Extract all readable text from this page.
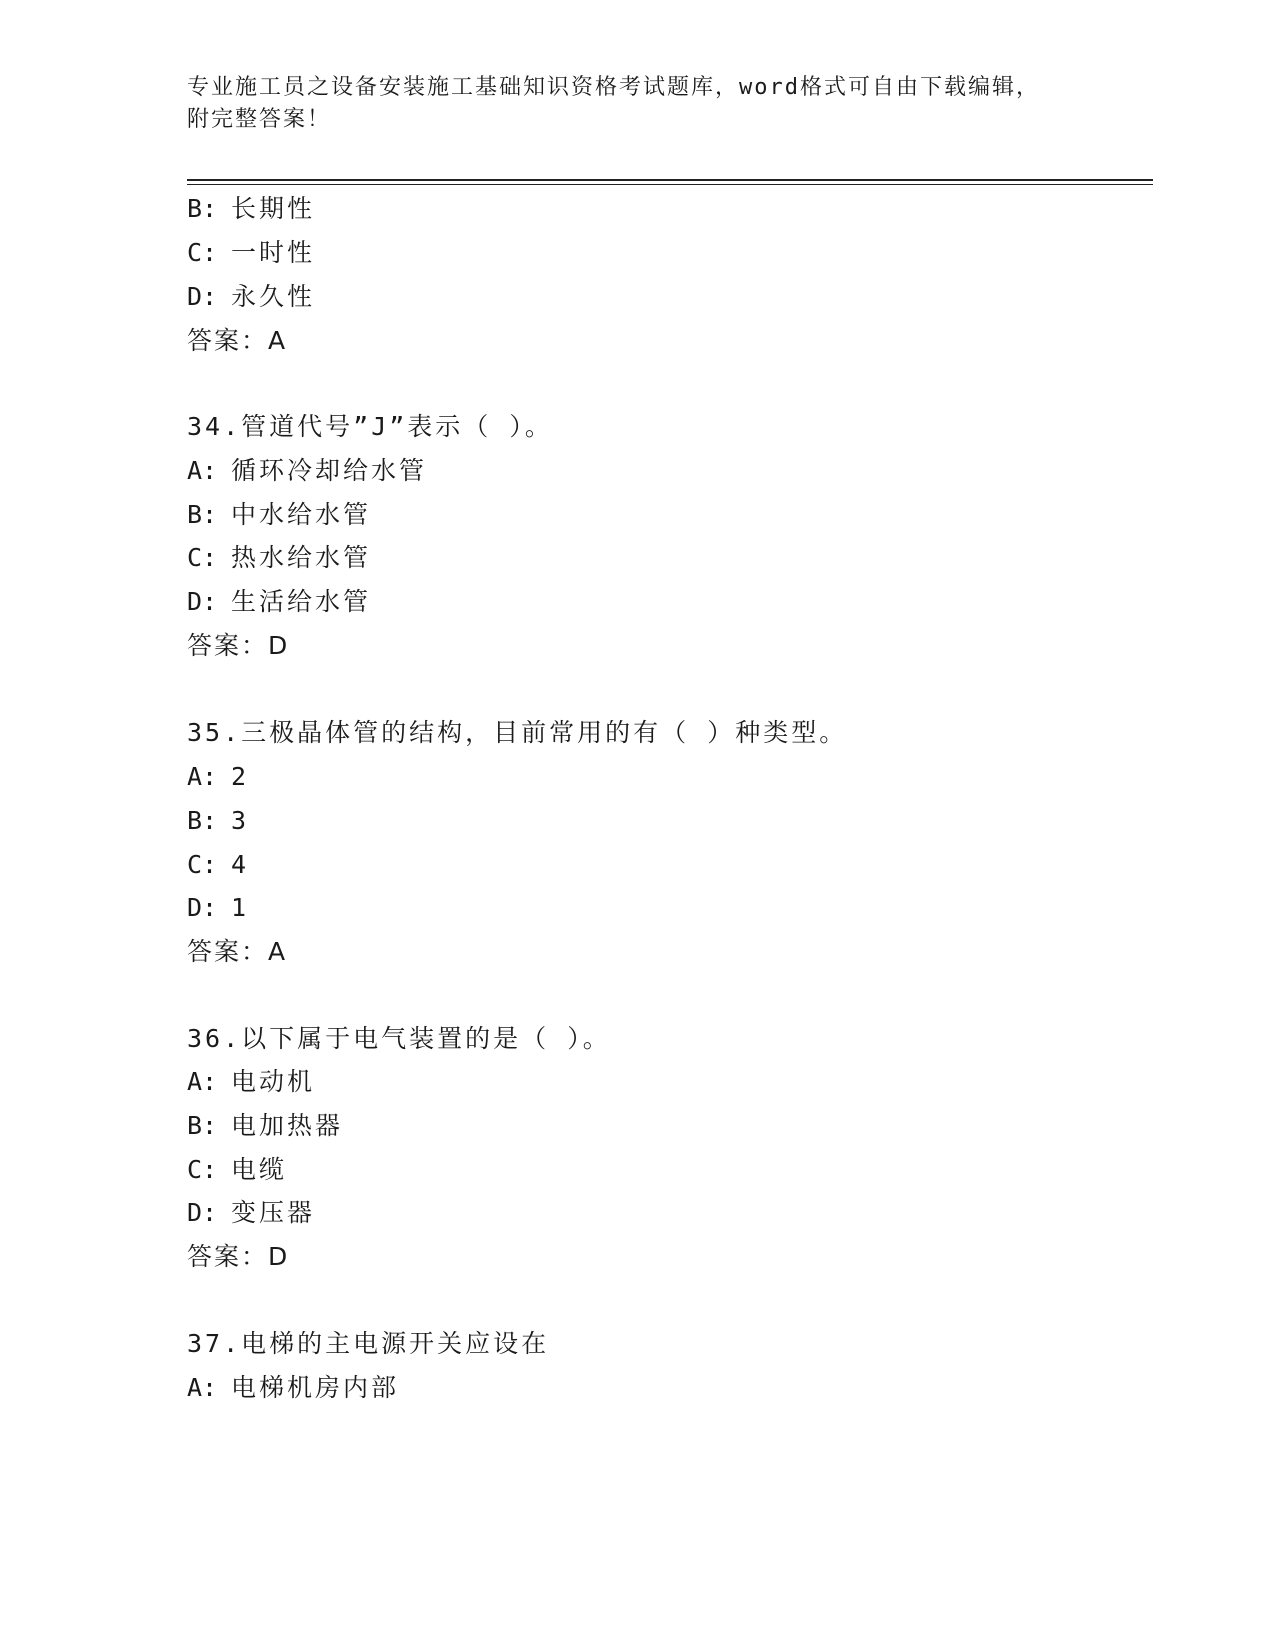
专业施工员之设备安装施工基础知识资格考试题库，word格式可自由下载编辑，
附完整答案！
B: 长期性
C: 一时性
D: 永久性
答案：A
34.管道代号”J”表示（ ）。
A: 循环冷却给水管
B: 中水给水管
C: 热水给水管
D: 生活给水管
答案：D
35.三极晶体管的结构，目前常用的有（ ）种类型。
A: 2
B: 3
C: 4
D: 1
答案：A
36.以下属于电气装置的是（ ）。
A: 电动机
B: 电加热器
C: 电缆
D: 变压器
答案：D
37.电梯的主电源开关应设在
A: 电梯机房内部
